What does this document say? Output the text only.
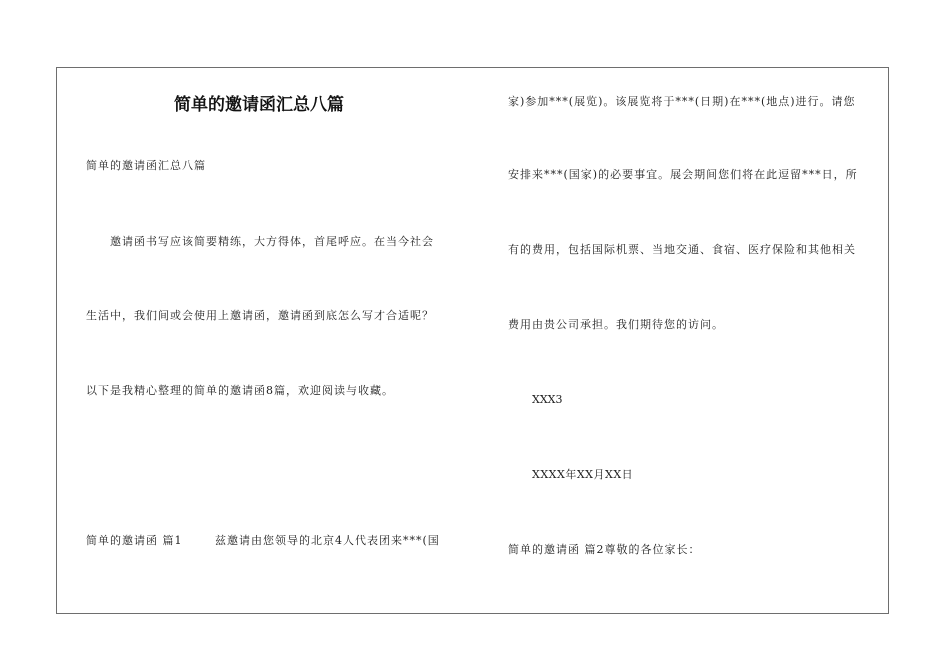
简单的邀请函汇总八篇
简单的邀请函汇总八篇
邀请函书写应该简要精练，大方得体，首尾呼应。在当今社会
生活中，我们间或会使用上邀请函，邀请函到底怎么写才合适呢？
以下是我精心整理的简单的邀请函8篇，欢迎阅读与收藏。
简单的邀请函 篇1	兹邀请由您领导的北京4人代表团来***(国
家)参加***(展览)。该展览将于***(日期)在***(地点)进行。请您
安排来***(国家)的必要事宜。展会期间您们将在此逗留***日，所
有的费用，包括国际机票、当地交通、食宿、医疗保险和其他相关
费用由贵公司承担。我们期待您的访问。
XXX3
XXXX年XX月XX日
简单的邀请函 篇2尊敬的各位家长：
